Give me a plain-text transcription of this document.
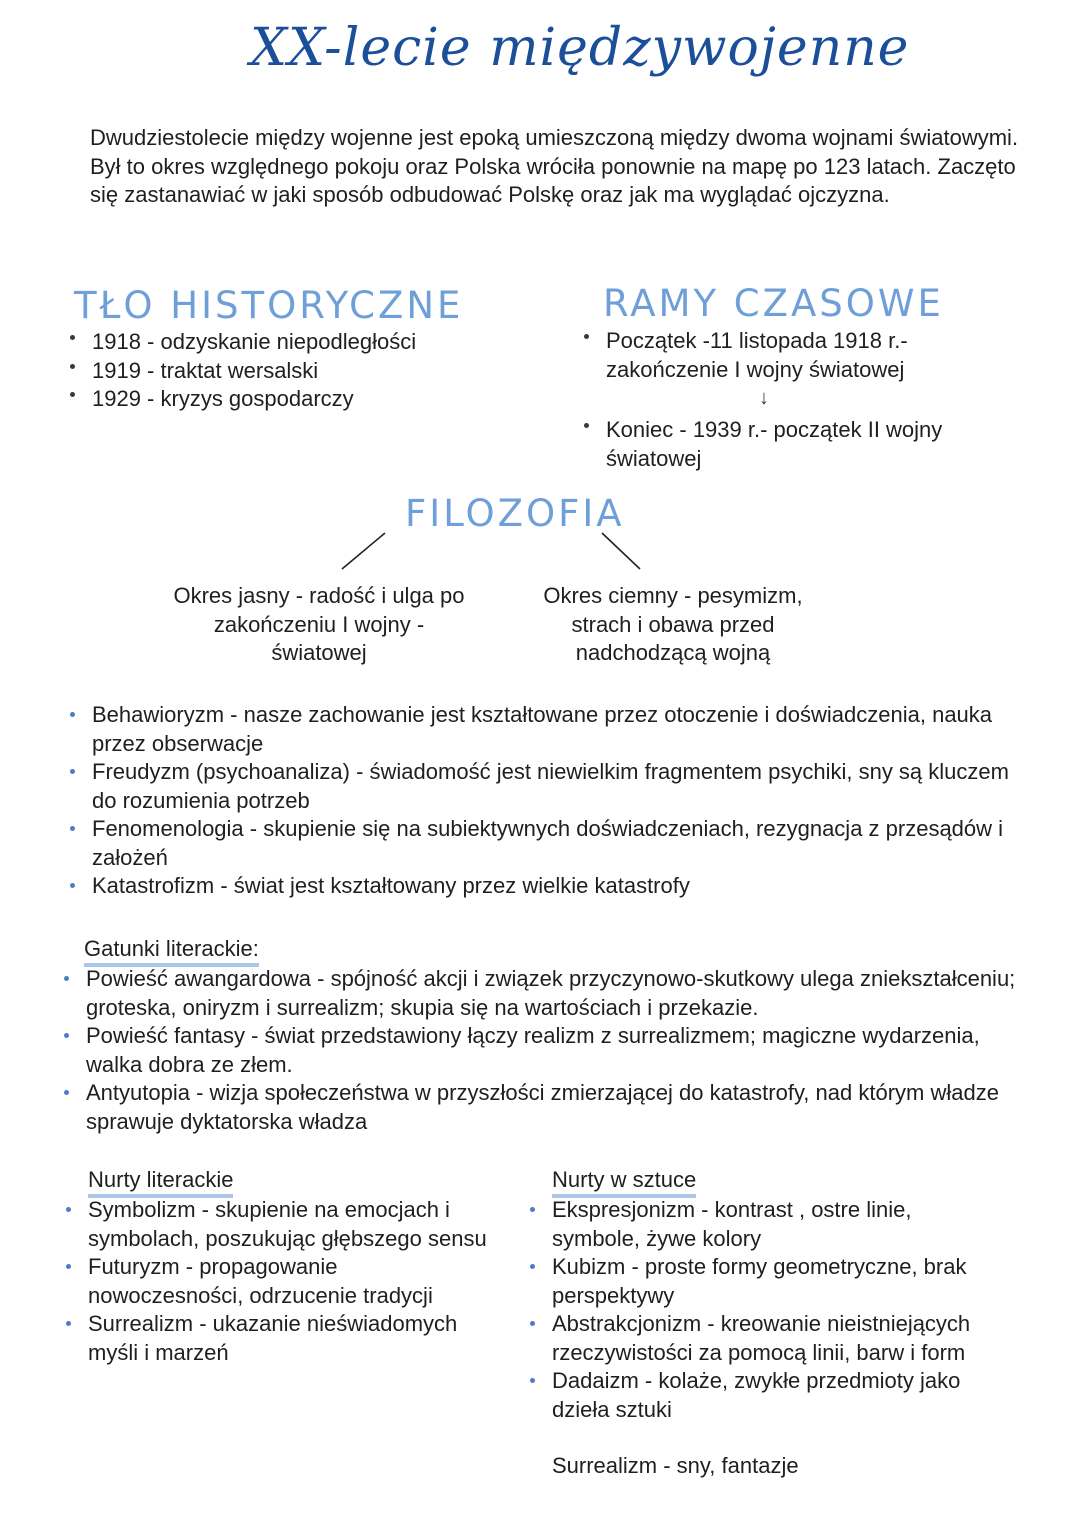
XX-lecie międzywojenne
Dwudziestolecie między wojenne jest epoką umieszczoną między dwoma wojnami światowymi. Był to okres względnego pokoju oraz Polska wróciła ponownie na mapę po 123 latach. Zaczęto się zastanawiać w jaki sposób odbudować Polskę oraz jak ma wyglądać ojczyzna.
TŁO HISTORYCZNE
1918 - odzyskanie niepodległości
1919 - traktat wersalski
1929 - kryzys gospodarczy
RAMY CZASOWE
Początek -11 listopada 1918 r.- zakończenie I wojny światowej
↓
Koniec - 1939 r.- początek II wojny światowej
FILOZOFIA
Okres jasny - radość i ulga po zakończeniu I wojny - światowej
Okres ciemny - pesymizm, strach i obawa przed nadchodzącą wojną
Behawioryzm - nasze zachowanie jest kształtowane przez otoczenie i doświadczenia, nauka przez obserwacje
Freudyzm (psychoanaliza) - świadomość jest niewielkim fragmentem psychiki, sny są kluczem do rozumienia potrzeb
Fenomenologia - skupienie się na subiektywnych doświadczeniach, rezygnacja z przesądów i założeń
Katastrofizm - świat jest kształtowany przez wielkie katastrofy
Gatunki literackie:
Powieść awangardowa - spójność akcji i związek przyczynowo-skutkowy ulega zniekształceniu; groteska, oniryzm i surrealizm; skupia się na wartościach i przekazie.
Powieść fantasy - świat przedstawiony łączy realizm z surrealizmem; magiczne wydarzenia, walka dobra ze złem.
Antyutopia - wizja społeczeństwa w przyszłości zmierzającej do katastrofy, nad którym władze sprawuje dyktatorska władza
Nurty literackie
Symbolizm - skupienie na emocjach i symbolach, poszukując głębszego sensu
Futuryzm - propagowanie nowoczesności, odrzucenie tradycji
Surrealizm - ukazanie nieświadomych myśli i marzeń
Nurty w sztuce
Ekspresjonizm - kontrast , ostre linie, symbole, żywe kolory
Kubizm - proste formy geometryczne, brak perspektywy
Abstrakcjonizm - kreowanie nieistniejących rzeczywistości za pomocą linii, barw i form
Dadaizm - kolaże, zwykłe przedmioty jako dzieła sztuki
Surrealizm - sny, fantazje
